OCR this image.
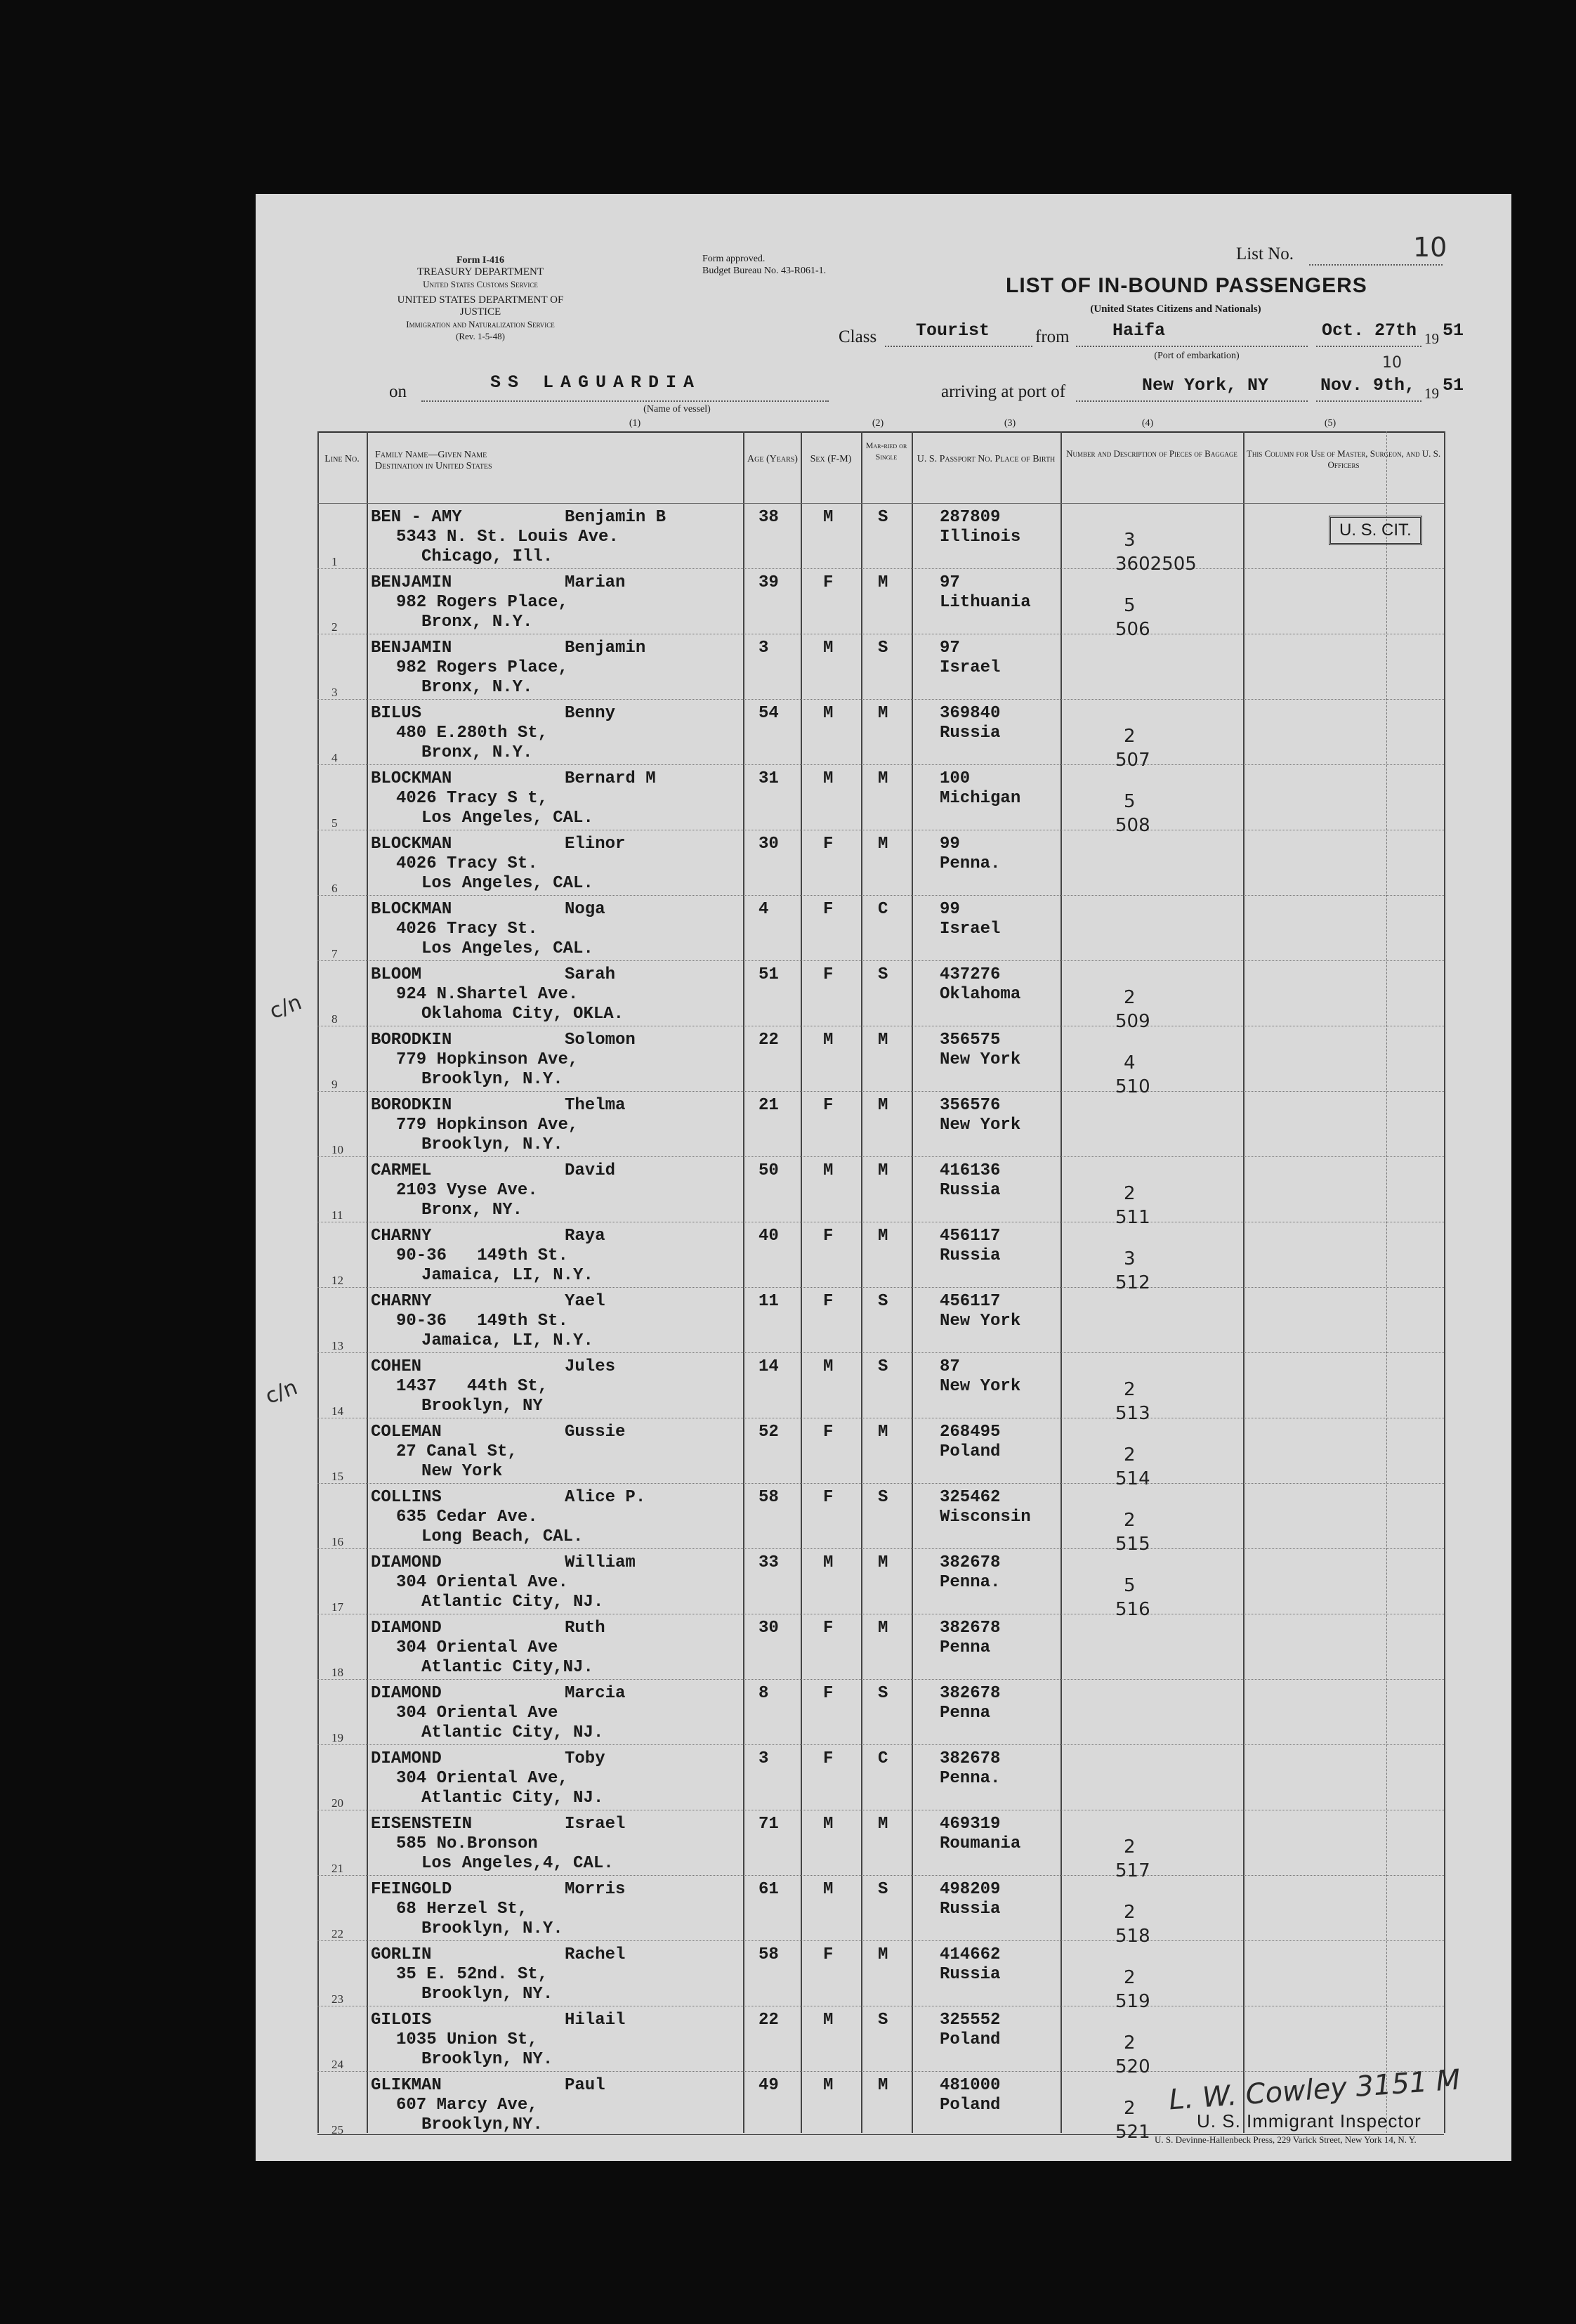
Form I-416
TREASURY DEPARTMENT
United States Customs Service
UNITED STATES DEPARTMENT OF JUSTICE
Immigration and Naturalization Service
(Rev. 1-5-48)
Form approved.
Budget Bureau No. 43-R061-1.
List No.	10
LIST OF IN-BOUND PASSENGERS
(United States Citizens and Nationals)
Class Tourist	from Haifa
(Port of embarkation)
Oct. 27th 19 51
on	SS LAGUARDIA
(Name of vessel)
arriving at port of	New York, NY	Nov. 9th,
10
19 51
(1)	(2)	(3)	(4)	(5)
Line No.	Family Name—Given Name Destination in United States
Age (Years)	Sex (F-M)
Mar-ried or Single	U. S. Passport No. Place of Birth
Number and Description of Pieces of Baggage	This Column for Use of Master, Surgeon, and U. S. Officers
1
BEN - AMY	Benjamin B
5343 N. St. Louis Ave.
Chicago, Ill.
38	M	S	287809
Illinois	3
3602505
2
BENJAMIN	Marian
982 Rogers Place,
Bronx, N.Y.
39	F	M	97
Lithuania	5
506
3
BENJAMIN	Benjamin
982 Rogers Place,
Bronx, N.Y.
3	M	S	97
Israel
4
BILUS	Benny
480 E.280th St,
Bronx, N.Y.
54	M	M	369840
Russia	2
507
5
BLOCKMAN	Bernard M
4026 Tracy S t,
Los Angeles, CAL.
31	M	M	100
Michigan	5
508
6
BLOCKMAN	Elinor
4026 Tracy St.
Los Angeles, CAL.
30	F	M	99
Penna.
7
BLOCKMAN	Noga
4026 Tracy St.
Los Angeles, CAL.
4	F	C	99
Israel
8
BLOOM	Sarah
924 N.Shartel Ave.
Oklahoma City, OKLA.
51	F	S	437276
Oklahoma	2
509
9
BORODKIN	Solomon
779 Hopkinson Ave,
Brooklyn, N.Y.
22	M	M	356575
New York	4
510
10
BORODKIN	Thelma
779 Hopkinson Ave,
Brooklyn, N.Y.
21	F	M	356576
New York
11
CARMEL	David
2103 Vyse Ave.
Bronx, NY.
50	M	M	416136
Russia	2
511
12
CHARNY	Raya
90-36   149th St.
Jamaica, LI, N.Y.
40	F	M	456117
Russia	3
512
13
CHARNY	Yael
90-36   149th St.
Jamaica, LI, N.Y.
11	F	S	456117
New York
14
COHEN	Jules
1437   44th St,
Brooklyn, NY
14	M	S	87
New York	2
513
15
COLEMAN	Gussie
27 Canal St,
New York
52	F	M	268495
Poland	2
514
16
COLLINS	Alice P.
635 Cedar Ave.
Long Beach, CAL.
58	F	S	325462
Wisconsin	2
515
17
DIAMOND	William
304 Oriental Ave.
Atlantic City, NJ.
33	M	M	382678
Penna.	5
516
18
DIAMOND	Ruth
304 Oriental Ave
Atlantic City,NJ.
30	F	M	382678
Penna
19
DIAMOND	Marcia
304 Oriental Ave
Atlantic City, NJ.
8	F	S	382678
Penna
20
DIAMOND	Toby
304 Oriental Ave,
Atlantic City, NJ.
3	F	C	382678
Penna.
21
EISENSTEIN	Israel
585 No.Bronson
Los Angeles,4, CAL.
71	M	M	469319
Roumania	2
517
22
FEINGOLD	Morris
68 Herzel St,
Brooklyn, N.Y.
61	M	S	498209
Russia	2
518
23
GORLIN	Rachel
35 E. 52nd. St,
Brooklyn, NY.
58	F	M	414662
Russia	2
519
24
GILOIS	Hilail
1035 Union St,
Brooklyn, NY.
22	M	S	325552
Poland	2
520
25
GLIKMAN	Paul
607 Marcy Ave,
Brooklyn,NY.
49	M	M	481000
Poland	2
521
U. S. CIT.
c/n
c/n
L. W. Cowley 3151 M
U. S. Immigrant Inspector
U. S. Devinne-Hallenbeck Press, 229 Varick Street, New York 14, N. Y.
